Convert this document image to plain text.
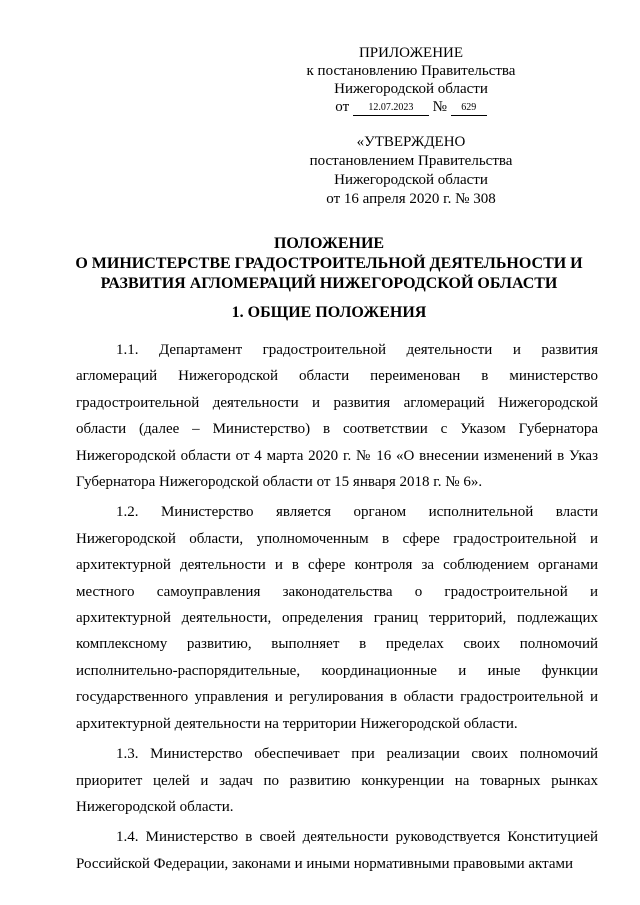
ПРИЛОЖЕНИЕ
к постановлению Правительства
Нижегородской области
от 12.07.2023 № 629
«УТВЕРЖДЕНО
постановлением Правительства
Нижегородской области
от 16 апреля 2020 г. № 308
ПОЛОЖЕНИЕ
О МИНИСТЕРСТВЕ ГРАДОСТРОИТЕЛЬНОЙ ДЕЯТЕЛЬНОСТИ И
РАЗВИТИЯ АГЛОМЕРАЦИЙ НИЖЕГОРОДСКОЙ ОБЛАСТИ
1. ОБЩИЕ ПОЛОЖЕНИЯ

1.1. Департамент градостроительной деятельности и развития агломераций Нижегородской области переименован в министерство градостроительной деятельности и развития агломераций Нижегородской области (далее – Министерство) в соответствии с Указом Губернатора Нижегородской области от 4 марта 2020 г. № 16 «О внесении изменений в Указ Губернатора Нижегородской области от 15 января 2018 г. № 6».

1.2. Министерство является органом исполнительной власти Нижегородской области, уполномоченным в сфере градостроительной и архитектурной деятельности и в сфере контроля за соблюдением органами местного самоуправления законодательства о градостроительной и архитектурной деятельности, определения границ территорий, подлежащих комплексному развитию, выполняет в пределах своих полномочий исполнительно-распорядительные, координационные и иные функции государственного управления и регулирования в области градостроительной и архитектурной деятельности на территории Нижегородской области.

1.3. Министерство обеспечивает при реализации своих полномочий приоритет целей и задач по развитию конкуренции на товарных рынках Нижегородской области.

1.4. Министерство в своей деятельности руководствуется Конституцией Российской Федерации, законами и иными нормативными правовыми актами
